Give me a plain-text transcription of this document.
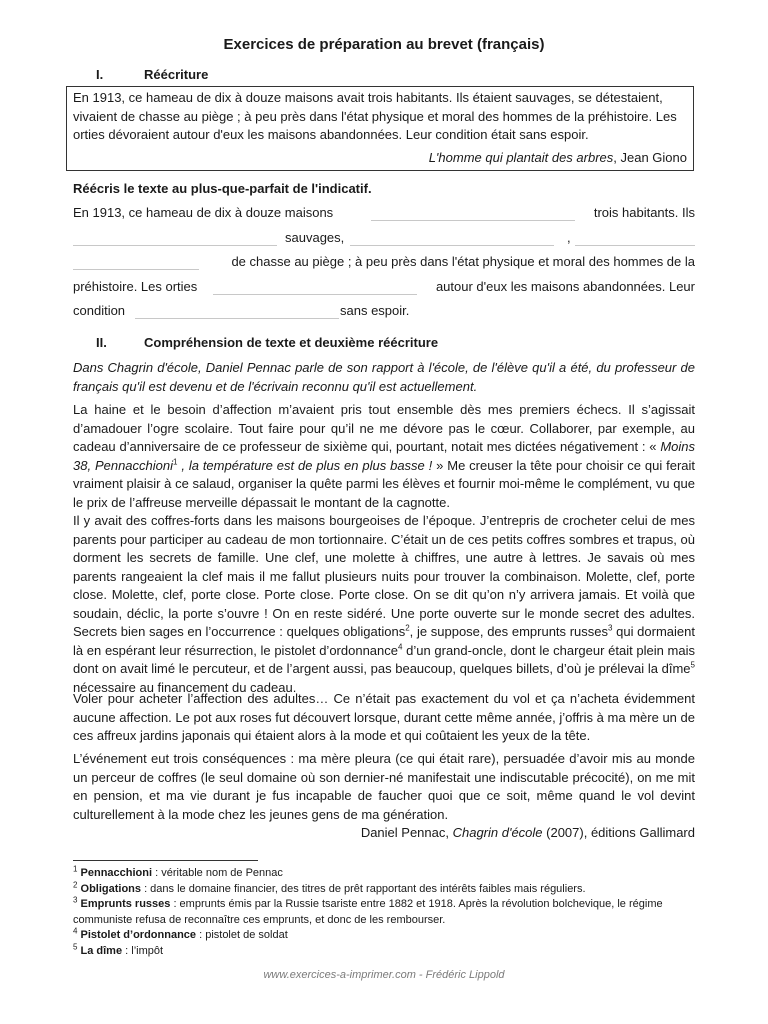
Exercices de préparation au brevet (français)
I.	Réécriture

En 1913, ce hameau de dix à douze maisons avait trois habitants. Ils étaient sauvages, se détestaient, vivaient de chasse au piège ; à peu près dans l'état physique et moral des hommes de la préhistoire. Les orties dévoraient autour d'eux les maisons abandonnées. Leur condition était sans espoir.

L'homme qui plantait des arbres, Jean Giono
Réécris le texte au plus-que-parfait de l'indicatif.
En 1913, ce hameau de dix à douze maisons	trois habitants. Ils
sauvages,	,
de chasse au piège ; à peu près dans l'état physique et moral des hommes de la
préhistoire. Les orties	autour d'eux les maisons abandonnées. Leur
condition	sans espoir.
II.	Compréhension de texte et deuxième réécriture
Dans Chagrin d'école, Daniel Pennac parle de son rapport à l'école, de l'élève qu'il a été, du professeur de français qu'il est devenu et de l'écrivain reconnu qu'il est actuellement.

La haine et le besoin d’affection m’avaient pris tout ensemble dès mes premiers échecs. Il s’agissait d’amadouer l’ogre scolaire. Tout faire pour qu’il ne me dévore pas le cœur. Collaborer, par exemple, au cadeau d’anniversaire de ce professeur de sixième qui, pourtant, notait mes dictées négativement : « Moins 38, Pennacchioni$^1$ , la température est de plus en plus basse ! » Me creuser la tête pour choisir ce qui ferait vraiment plaisir à ce salaud, organiser la quête parmi les élèves et fournir moi-même le complément, vu que le prix de l’affreuse merveille dépassait le montant de la cagnotte.

Il y avait des coffres-forts dans les maisons bourgeoises de l’époque. J’entrepris de crocheter celui de mes parents pour participer au cadeau de mon tortionnaire. C’était un de ces petits coffres sombres et trapus, où dorment les secrets de famille. Une clef, une molette à chiffres, une autre à lettres. Je savais où mes parents rangeaient la clef mais il me fallut plusieurs nuits pour trouver la combinaison. Molette, clef, porte close. Molette, clef, porte close. Porte close. Porte close. On se dit qu’on n’y arrivera jamais. Et voilà que soudain, déclic, la porte s’ouvre ! On en reste sidéré. Une porte ouverte sur le monde secret des adultes. Secrets bien sages en l’occurrence : quelques obligations$^2$, je suppose, des emprunts russes$^3$ qui dormaient là en espérant leur résurrection, le pistolet d’ordonnance$^4$ d’un grand-oncle, dont le chargeur était plein mais dont on avait limé le percuteur, et de l’argent aussi, pas beaucoup, quelques billets, d’où je prélevai la dîme$^5$ nécessaire au financement du cadeau.

Voler pour acheter l’affection des adultes… Ce n’était pas exactement du vol et ça n’acheta évidemment aucune affection. Le pot aux roses fut découvert lorsque, durant cette même année, j’offris à ma mère un de ces affreux jardins japonais qui étaient alors à la mode et qui coûtaient les yeux de la tête.

L’événement eut trois conséquences : ma mère pleura (ce qui était rare), persuadée d’avoir mis au monde un perceur de coffres (le seul domaine où son dernier-né manifestait une indiscutable précocité), on me mit en pension, et ma vie durant je fus incapable de faucher quoi que ce soit, même quand le vol devint culturellement à la mode chez les jeunes gens de ma génération.

Daniel Pennac, Chagrin d'école (2007), éditions Gallimard
$^1$ Pennacchioni : véritable nom de Pennac
$^2$ Obligations : dans le domaine financier, des titres de prêt rapportant des intérêts faibles mais réguliers.
$^3$ Emprunts russes : emprunts émis par la Russie tsariste entre 1882 et 1918. Après la révolution bolchevique, le régime communiste refusa de reconnaître ces emprunts, et donc de les rembourser.
$^4$ Pistolet d’ordonnance : pistolet de soldat
$^5$ La dîme : l’impôt
www.exercices-a-imprimer.com - Frédéric Lippold
